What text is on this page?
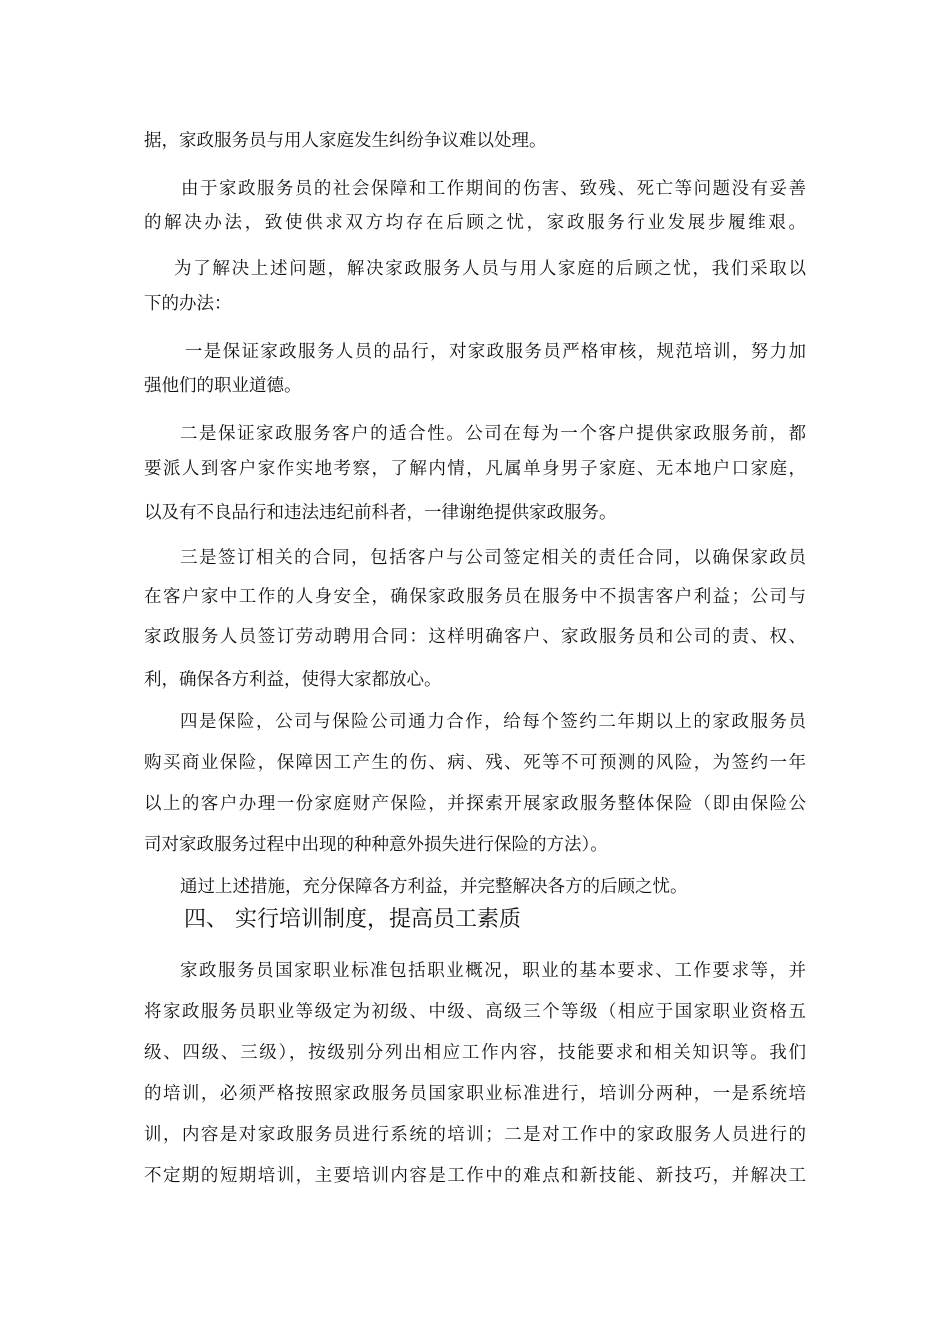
据，家政服务员与用人家庭发生纠纷争议难以处理。
　由于家政服务员的社会保障和工作期间的伤害、致残、死亡等问题没有妥善
的解决办法，致使供求双方均存在后顾之忧，家政服务行业发展步履维艰。
为了解决上述问题，解决家政服务人员与用人家庭的后顾之忧，我们采取以
下的办法：
　一是保证家政服务人员的品行，对家政服务员严格审核，规范培训，努力加
强他们的职业道德。
二是保证家政服务客户的适合性。公司在每为一个客户提供家政服务前，都
要派人到客户家作实地考察，了解内情，凡属单身男子家庭、无本地户口家庭，
以及有不良品行和违法违纪前科者，一律谢绝提供家政服务。
三是签订相关的合同，包括客户与公司签定相关的责任合同，以确保家政员
在客户家中工作的人身安全，确保家政服务员在服务中不损害客户利益；公司与
家政服务人员签订劳动聘用合同：这样明确客户、家政服务员和公司的责、权、
利，确保各方利益，使得大家都放心。
四是保险，公司与保险公司通力合作，给每个签约二年期以上的家政服务员
购买商业保险，保障因工产生的伤、病、残、死等不可预测的风险，为签约一年
以上的客户办理一份家庭财产保险，并探索开展家政服务整体保险（即由保险公
司对家政服务过程中出现的种种意外损失进行保险的方法）。
通过上述措施，充分保障各方利益，并完整解决各方的后顾之忧。
四、 实行培训制度，提高员工素质
家政服务员国家职业标准包括职业概况，职业的基本要求、工作要求等，并
将家政服务员职业等级定为初级、中级、高级三个等级（相应于国家职业资格五
级、四级、三级），按级别分列出相应工作内容，技能要求和相关知识等。我们
的培训，必须严格按照家政服务员国家职业标准进行，培训分两种，一是系统培
训，内容是对家政服务员进行系统的培训；二是对工作中的家政服务人员进行的
不定期的短期培训，主要培训内容是工作中的难点和新技能、新技巧，并解决工
